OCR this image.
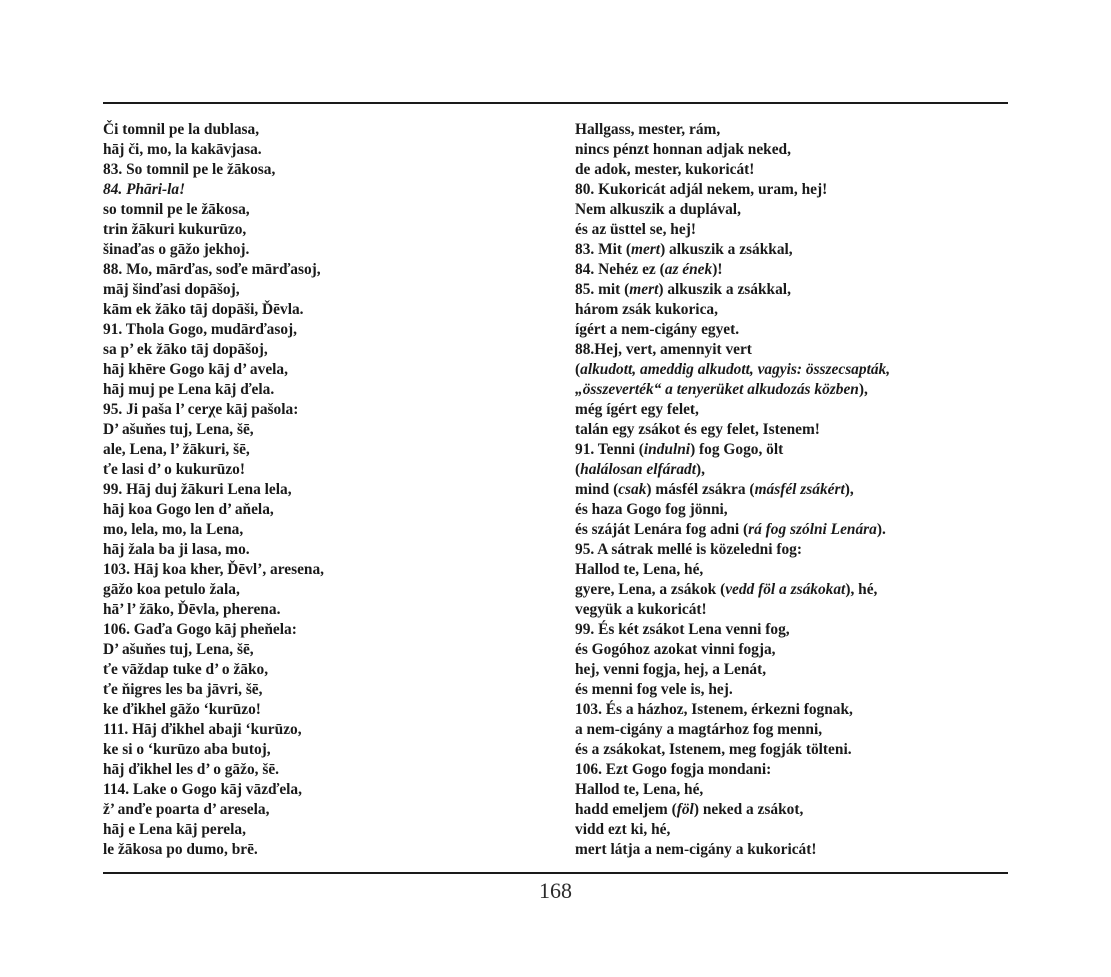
Či tomnil pe la dublasa,
hāj či, mo, la kakāvjasa.
83. So tomnil pe le žākosa,
84. Phāri-la!
so tomnil pe le žākosa,
trin žākuri kukurūzo,
šinaďas o gāžo jekhoj.
88. Mo, mārďas, soďe mārďasoj,
māj šinďasi dopāšoj,
kām ek žāko tāj dopāši, Ďēvla.
91. Thola Gogo, mudārďasoj,
sa p’ ek žāko tāj dopāšoj,
hāj khēre Gogo kāj d’ avela,
hāj muj pe Lena kāj ďela.
95. Ji paša l’ cerχe kāj pašola:
D’ ašuňes tuj, Lena, šē,
ale, Lena, l’ žākuri, šē,
ťe lasi d’ o kukurūzo!
99. Hāj duj žākuri Lena lela,
hāj koa Gogo len d’ aňela,
mo, lela, mo, la Lena,
hāj žala ba ji lasa, mo.
103. Hāj koa kher, Ďēvl’, aresena,
gāžo koa petulo žala,
hā’ l’ žāko, Ďēvla, pherena.
106. Gaďa Gogo kāj pheňela:
D’ ašuňes tuj, Lena, šē,
ťe vāždap tuke d’ o žāko,
ťe ňigres les ba jāvri, šē,
ke ďikhel gāžo ‘kurūzo!
111. Hāj ďikhel abaji ‘kurūzo,
ke si o ‘kurūzo aba butoj,
hāj ďikhel les d’ o gāžo, šē.
114. Lake o Gogo kāj vāzďela,
ž’ anďe poarta d’ aresela,
hāj e Lena kāj perela,
le žākosa po dumo, brē.
Hallgass, mester, rám,
nincs pénzt honnan adjak neked,
de adok, mester, kukoricát!
80. Kukoricát adjál nekem, uram, hej!
Nem alkuszik a duplával,
és az üsttel se, hej!
83. Mit (mert) alkuszik a zsákkal,
84. Nehéz ez (az ének)!
85. mit (mert) alkuszik a zsákkal,
három zsák kukorica,
ígért a nem-cigány egyet.
88.Hej, vert, amennyit vert
(alkudott, ameddig alkudott, vagyis: összecsapták,
„összeverték“ a tenyerüket alkudozás közben),
még ígért egy felet,
talán egy zsákot és egy felet, Istenem!
91. Tenni (indulni) fog Gogo, ölt
(halálosan elfáradt),
mind (csak) másfél zsákra (másfél zsákért),
és haza Gogo fog jönni,
és száját Lenára fog adni (rá fog szólni Lenára).
95. A sátrak mellé is közeledni fog:
Hallod te, Lena, hé,
gyere, Lena, a zsákok (vedd föl a zsákokat), hé,
vegyük a kukoricát!
99. És két zsákot Lena venni fog,
és Gogóhoz azokat vinni fogja,
hej, venni fogja, hej, a Lenát,
és menni fog vele is, hej.
103. És a házhoz, Istenem, érkezni fognak,
a nem-cigány a magtárhoz fog menni,
és a zsákokat, Istenem, meg fogják tölteni.
106. Ezt Gogo fogja mondani:
Hallod te, Lena, hé,
hadd emeljem (föl) neked a zsákot,
vidd ezt ki, hé,
mert látja a nem-cigány a kukoricát!
168
